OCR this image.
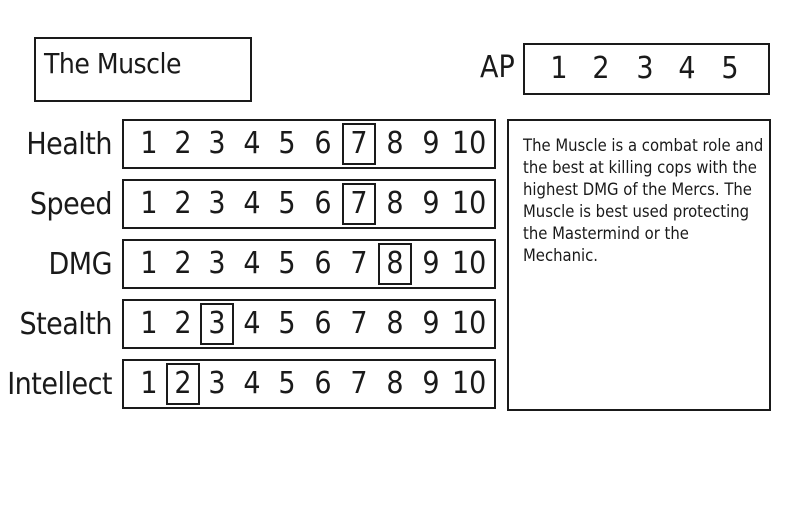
The Muscle	AP 1 2 3 4 5
Health 1 2 3 4 5 6 7 8 9 10
Speed 1 2 3 4 5 6 7 8 9 10
DMG 1 2 3 4 5 6 7 8 9 10
Stealth 1 2 3 4 5 6 7 8 9 10
Intellect 1 2 3 4 5 6 7 8 9 10
The Muscle is a combat role and the best at killing cops with the highest DMG of the Mercs. The Muscle is best used protecting the Mastermind or the Mechanic.
